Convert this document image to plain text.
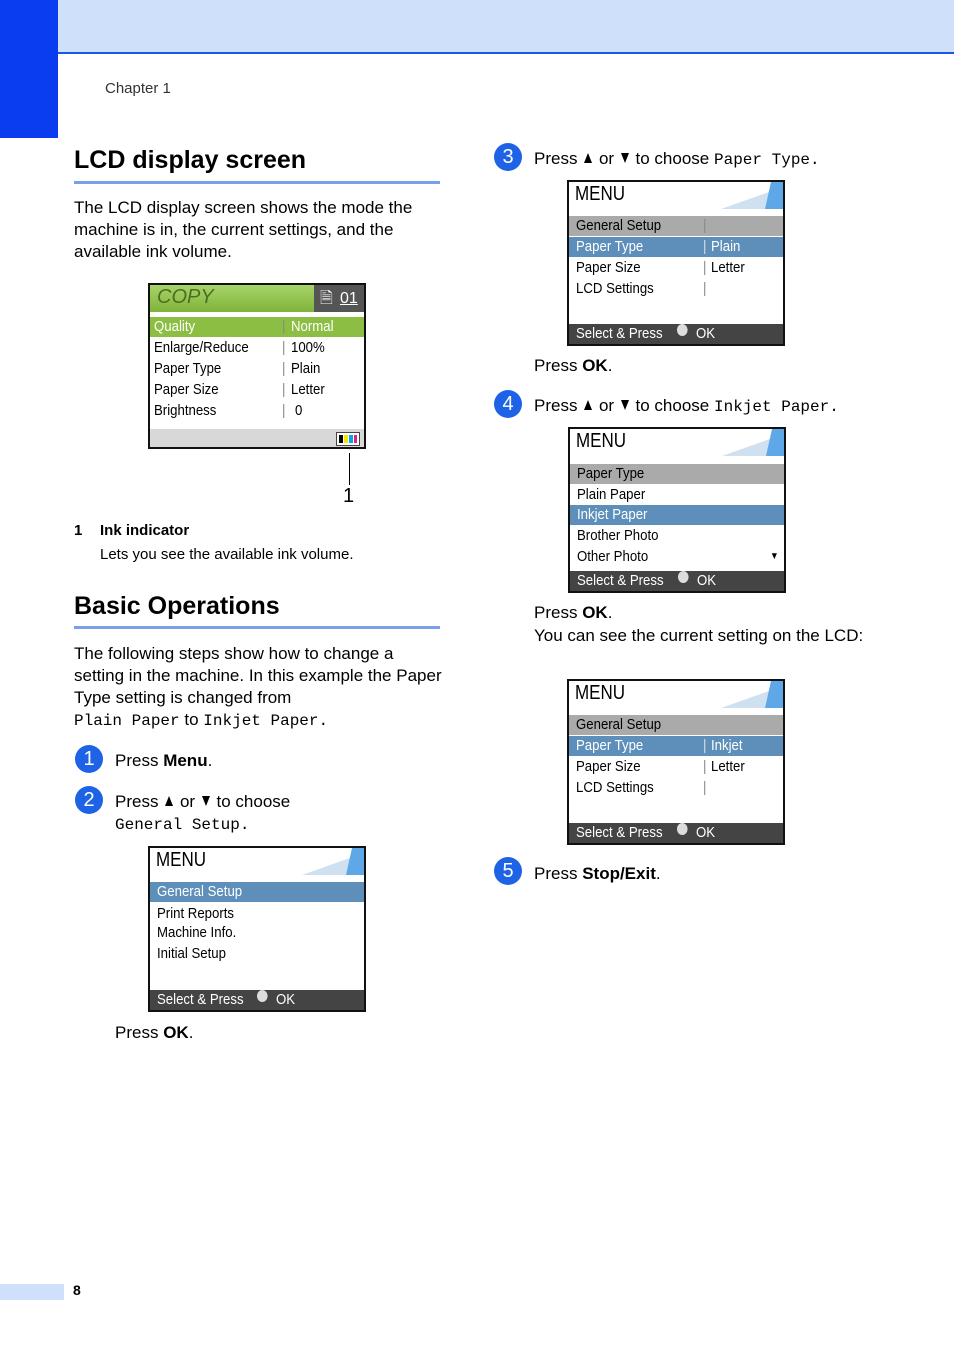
Chapter 1
LCD display screen
The LCD display screen shows the mode the machine is in, the current settings, and the available ink volume.
COPY	🗎 01
Quality	| Normal
Enlarge/Reduce | 100%
Paper Type	| Plain
Paper Size	| Letter
Brightness	| 0
1
1 Ink indicator
Lets you see the available ink volume.
Basic Operations
The following steps show how to change a setting in the machine. In this example the Paper Type setting is changed from
Plain Paper to Inkjet Paper.
1	Press Menu.
2	Press or to choose
General Setup.
MENU
General Setup
Print Reports
Machine Info.
Initial Setup
Select & Press OK
Press OK.
3	Press or to choose Paper Type.
MENU
General Setup	|
Paper Type	| Plain
Paper Size	| Letter
LCD Settings	|
Select & Press OK
Press OK.
4	Press or to choose Inkjet Paper.
MENU
Paper Type
Plain Paper
Inkjet Paper
Brother Photo
Other Photo	▼
Select & Press OK
Press OK.
You can see the current setting on the LCD:
MENU
General Setup
Paper Type	| Inkjet
Paper Size	| Letter
LCD Settings	|
Select & Press OK
5	Press Stop/Exit.
8
